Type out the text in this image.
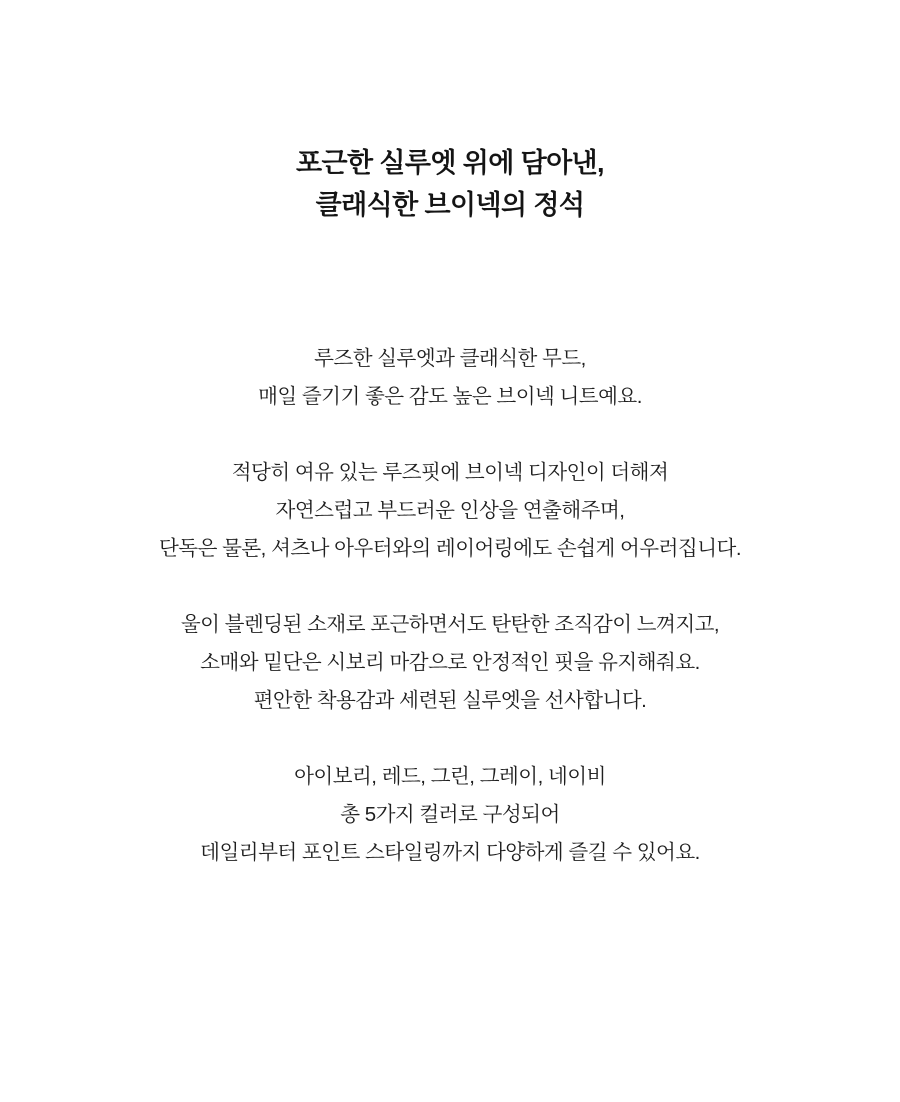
포근한 실루엣 위에 담아낸,
클래식한 브이넥의 정석

루즈한 실루엣과 클래식한 무드,
매일 즐기기 좋은 감도 높은 브이넥 니트예요.

적당히 여유 있는 루즈핏에 브이넥 디자인이 더해져
자연스럽고 부드러운 인상을 연출해주며,
단독은 물론, 셔츠나 아우터와의 레이어링에도 손쉽게 어우러집니다.

울이 블렌딩된 소재로 포근하면서도 탄탄한 조직감이 느껴지고,
소매와 밑단은 시보리 마감으로 안정적인 핏을 유지해줘요.
편안한 착용감과 세련된 실루엣을 선사합니다.

아이보리, 레드, 그린, 그레이, 네이비
총 5가지 컬러로 구성되어
데일리부터 포인트 스타일링까지 다양하게 즐길 수 있어요.
